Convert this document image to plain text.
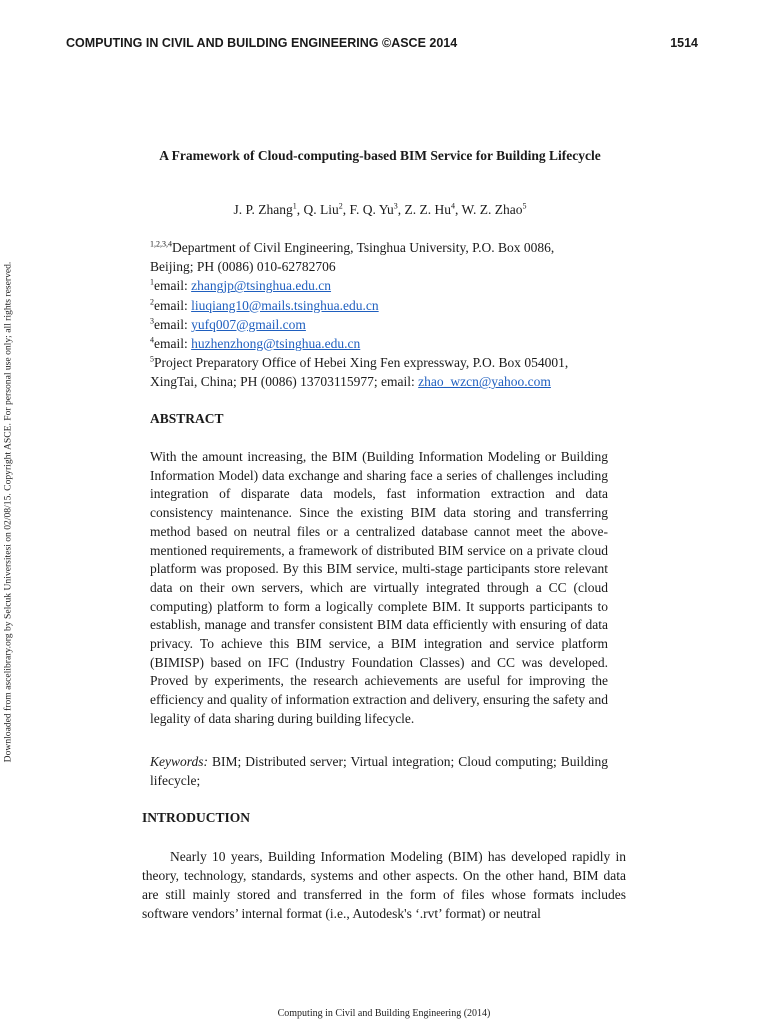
COMPUTING IN CIVIL AND BUILDING ENGINEERING ©ASCE 2014	1514
Downloaded from ascelibrary.org by Selcuk Universitesi on 02/08/15. Copyright ASCE. For personal use only; all rights reserved.
A Framework of Cloud-computing-based BIM Service for Building Lifecycle
J. P. Zhang$^1$, Q. Liu$^2$, F. Q. Yu$^3$, Z. Z. Hu$^4$, W. Z. Zhao$^5$
$^{1,2,3,4}$Department of Civil Engineering, Tsinghua University, P.O. Box 0086,
Beijing; PH (0086) 010-62782706
$^1$email: zhangjp@tsinghua.edu.cn
$^2$email: liuqiang10@mails.tsinghua.edu.cn
$^3$email: yufq007@gmail.com
$^4$email: huzhenzhong@tsinghua.edu.cn
$^5$Project Preparatory Office of Hebei Xing Fen expressway, P.O. Box 054001,
XingTai, China; PH (0086) 13703115977; email: zhao_wzcn@yahoo.com
ABSTRACT

With the amount increasing, the BIM (Building Information Modeling or Building Information Model) data exchange and sharing face a series of challenges including integration of disparate data models, fast information extraction and data consistency maintenance. Since the existing BIM data storing and transferring method based on neutral files or a centralized database cannot meet the above-mentioned requirements, a framework of distributed BIM service on a private cloud platform was proposed. By this BIM service, multi-stage participants store relevant data on their own servers, which are virtually integrated through a CC (cloud computing) platform to form a logically complete BIM. It supports participants to establish, manage and transfer consistent BIM data efficiently with ensuring of data privacy. To achieve this BIM service, a BIM integration and service platform (BIMISP) based on IFC (Industry Foundation Classes) and CC was developed. Proved by experiments, the research achievements are useful for improving the efficiency and quality of information extraction and delivery, ensuring the safety and legality of data sharing during building lifecycle.

Keywords: BIM; Distributed server; Virtual integration; Cloud computing; Building lifecycle;

INTRODUCTION

Nearly 10 years, Building Information Modeling (BIM) has developed rapidly in theory, technology, standards, systems and other aspects. On the other hand, BIM data are still mainly stored and transferred in the form of files whose formats includes software vendors’ internal format (i.e., Autodesk's ‘.rvt’ format) or neutral

Computing in Civil and Building Engineering (2014)
